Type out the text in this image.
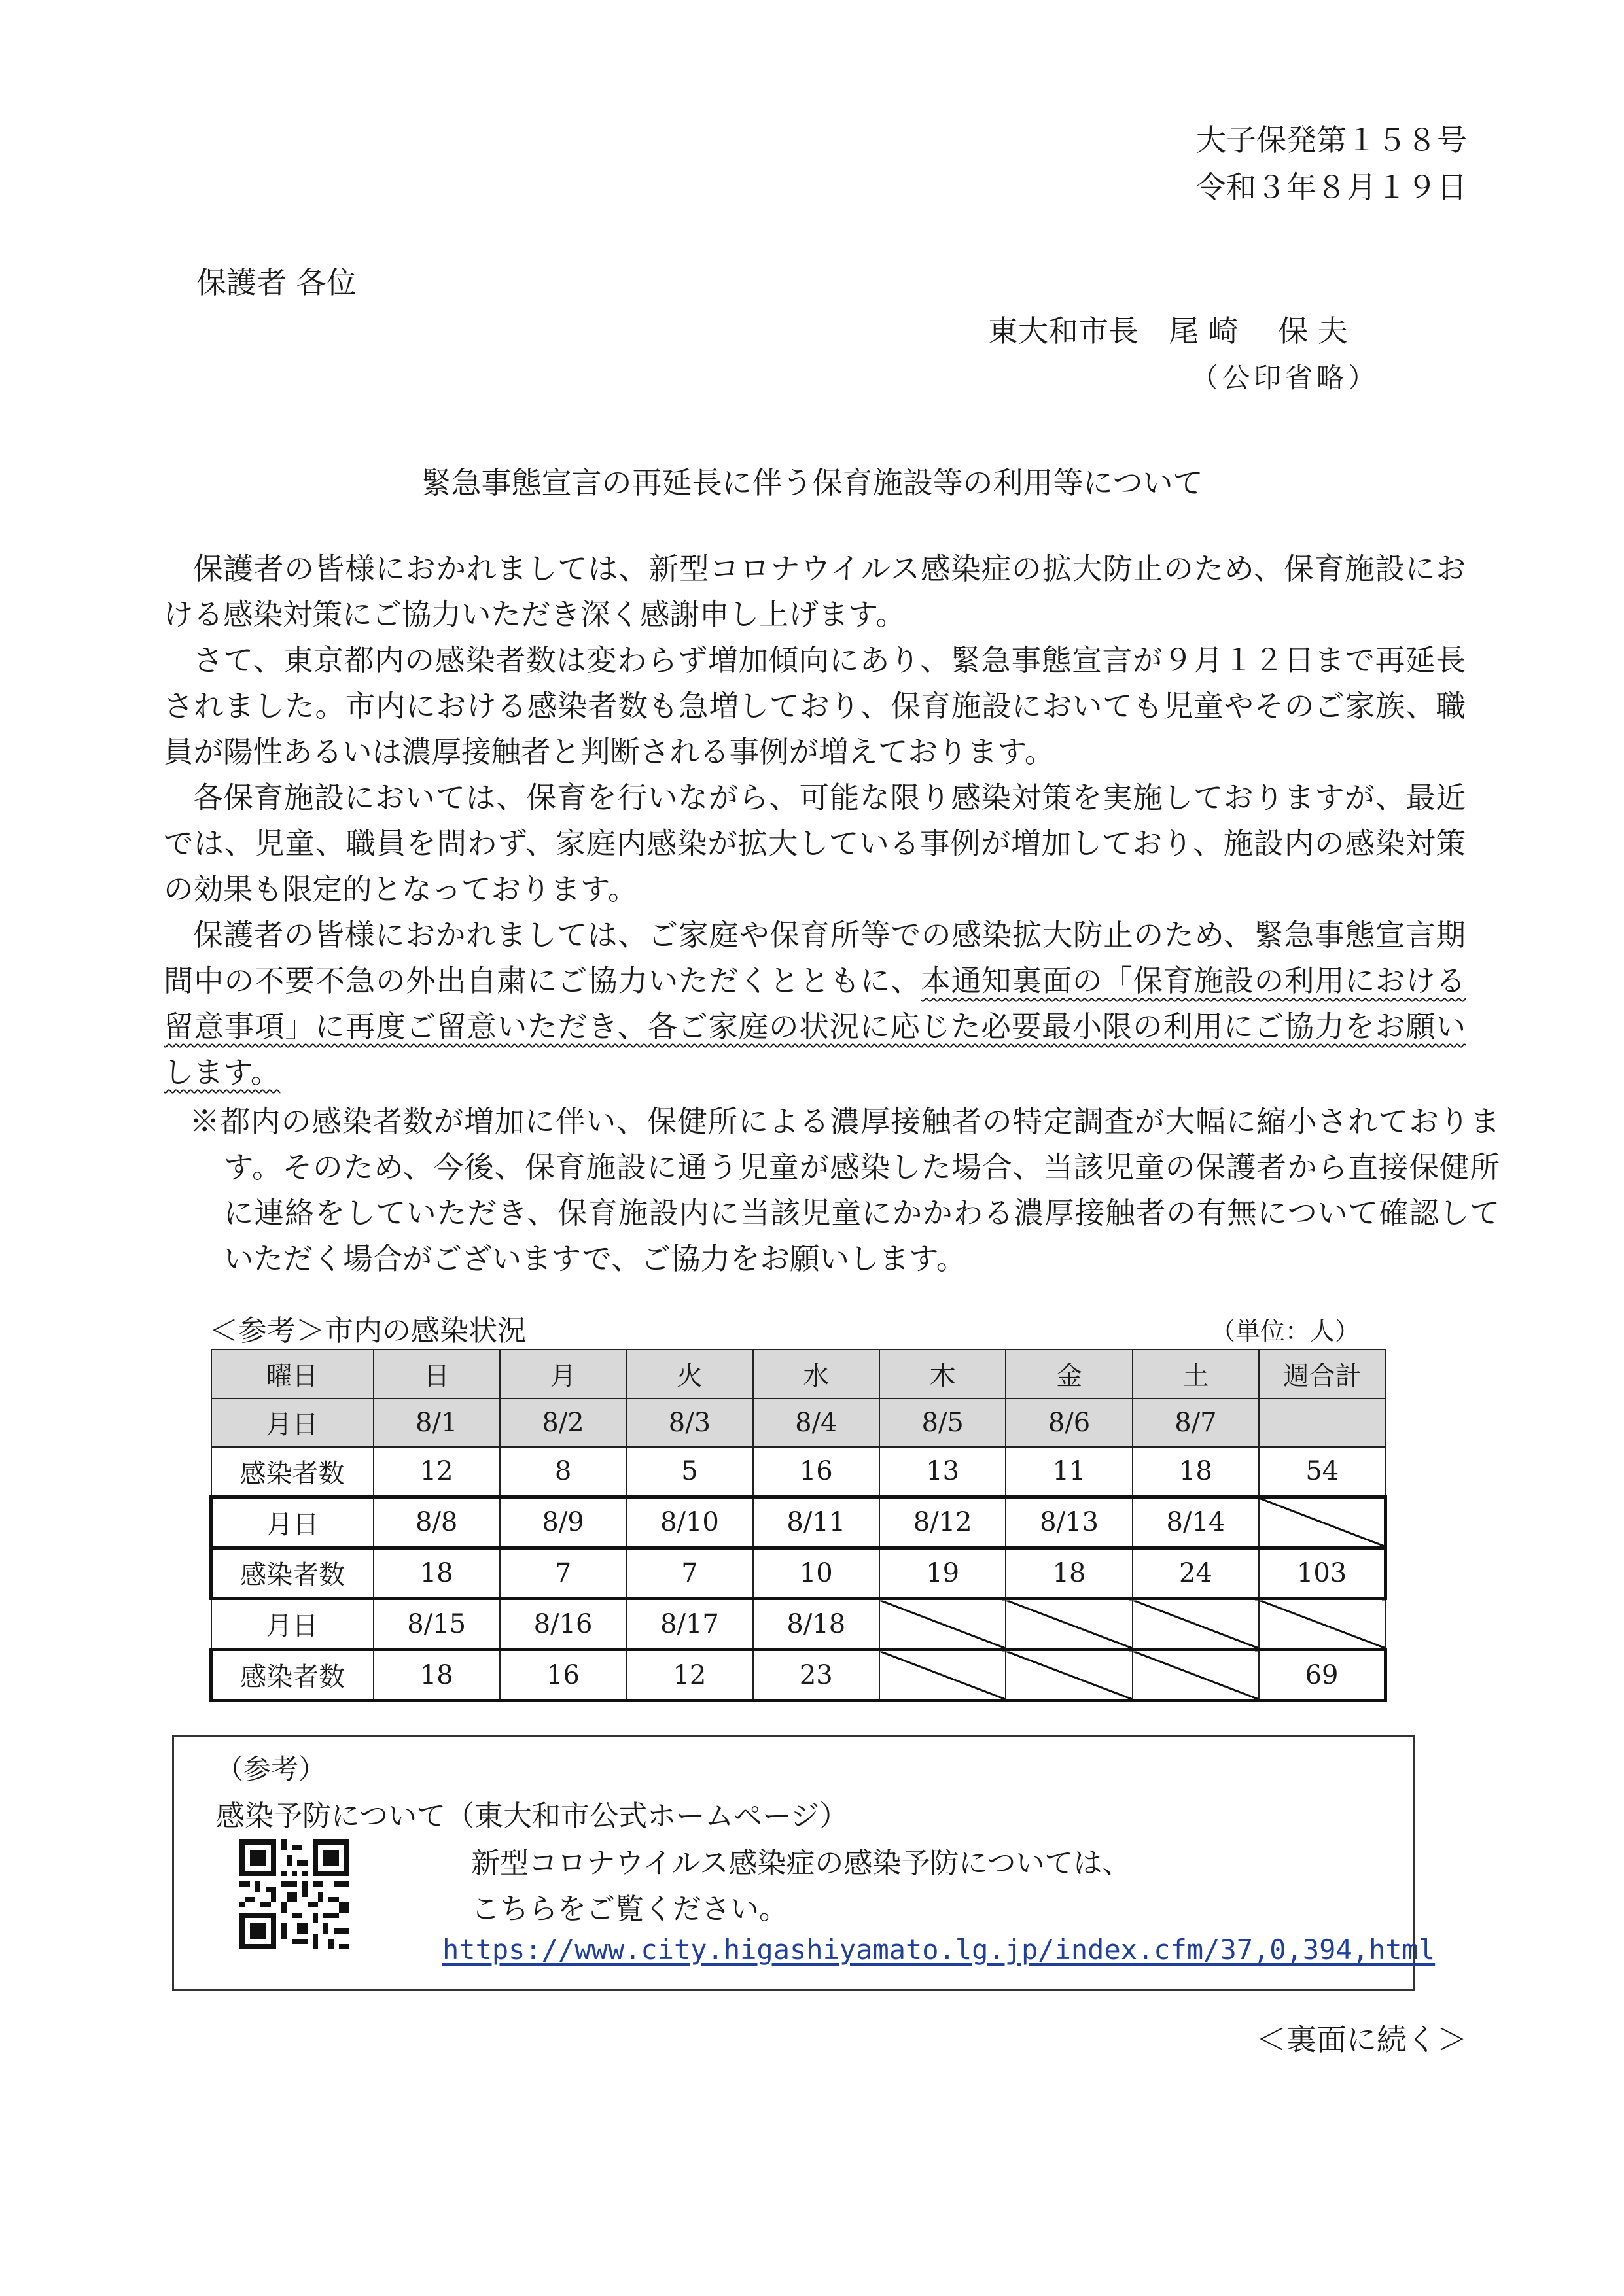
大子保発第１５８号
令和３年８月１９日
保護者 各位
東大和市長　尾 崎　 保 夫
（公印省略）
緊急事態宣言の再延長に伴う保育施設等の利用等について

保護者の皆様におかれましては、新型コロナウイルス感染症の拡大防止のため、保育施設における感染対策にご協力いただき深く感謝申し上げます。

さて、東京都内の感染者数は変わらず増加傾向にあり、緊急事態宣言が９月１２日まで再延長されました。市内における感染者数も急増しており、保育施設においても児童やそのご家族、職員が陽性あるいは濃厚接触者と判断される事例が増えております。

各保育施設においては、保育を行いながら、可能な限り感染対策を実施しておりますが、最近では、児童、職員を問わず、家庭内感染が拡大している事例が増加しており、施設内の感染対策の効果も限定的となっております。

保護者の皆様におかれましては、ご家庭や保育所等での感染拡大防止のため、緊急事態宣言期間中の不要不急の外出自粛にご協力いただくとともに、本通知裏面の「保育施設の利用における留意事項」に再度ご留意いただき、各ご家庭の状況に応じた必要最小限の利用にご協力をお願いします。

※都内の感染者数が増加に伴い、保健所による濃厚接触者の特定調査が大幅に縮小されております。そのため、今後、保育施設に通う児童が感染した場合、当該児童の保護者から直接保健所に連絡をしていただき、保育施設内に当該児童にかかわる濃厚接触者の有無について確認していただく場合がございますで、ご協力をお願いします。
＜参考＞市内の感染状況	（単位：人）
曜日	日	月	火	水	木	金	土	週合計
月日	8/1	8/2	8/3	8/4	8/5	8/6	8/7	
感染者数	12	8	5	16	13	11	18	54
月日	8/8	8/9	8/10	8/11	8/12	8/13	8/14	
感染者数	18	7	7	10	19	18	24	103
月日	8/15	8/16	8/17	8/18				
感染者数	18	16	12	23				69
（参考）
感染予防について（東大和市公式ホームページ）
新型コロナウイルス感染症の感染予防については、
こちらをご覧ください。
https://www.city.higashiyamato.lg.jp/index.cfm/37,0,394,html
＜裏面に続く＞
